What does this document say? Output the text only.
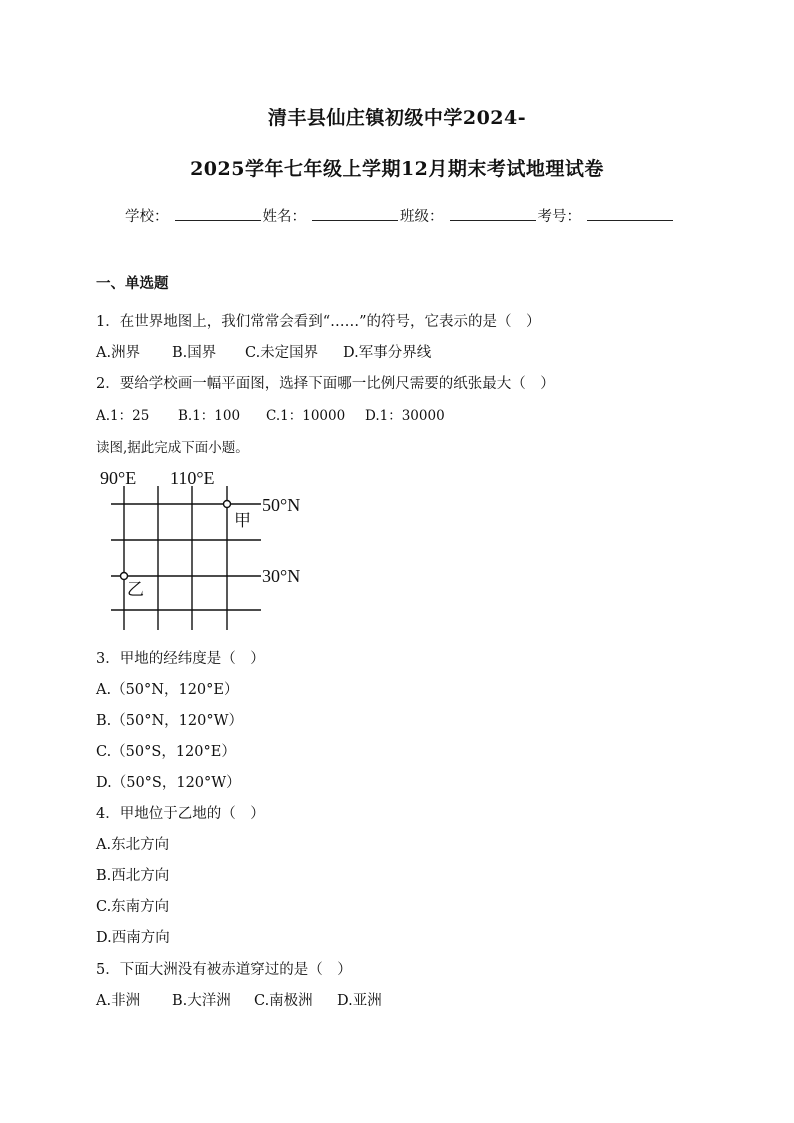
清丰县仙庄镇初级中学2024-
2025学年七年级上学期12月期末考试地理试卷
学校：	姓名：	班级：	考号：
一、单选题
1．在世界地图上，我们常常会看到“……”的符号，它表示的是（　）
A.洲界 B.国界 C.未定国界 D.军事分界线
2．要给学校画一幅平面图，选择下面哪一比例尺需要的纸张最大（　）
A.1：25 B.1：100 C.1：10000 D.1：30000
读图,据此完成下面小题。
90°E 110°E
50°N
30°N
甲
乙
3．甲地的经纬度是（　）
A.（50°N，120°E）
B.（50°N，120°W）
C.（50°S，120°E）
D.（50°S，120°W）
4．甲地位于乙地的（　）
A.东北方向
B.西北方向
C.东南方向
D.西南方向
5．下面大洲没有被赤道穿过的是（　）
A.非洲 B.大洋洲 C.南极洲 D.亚洲
